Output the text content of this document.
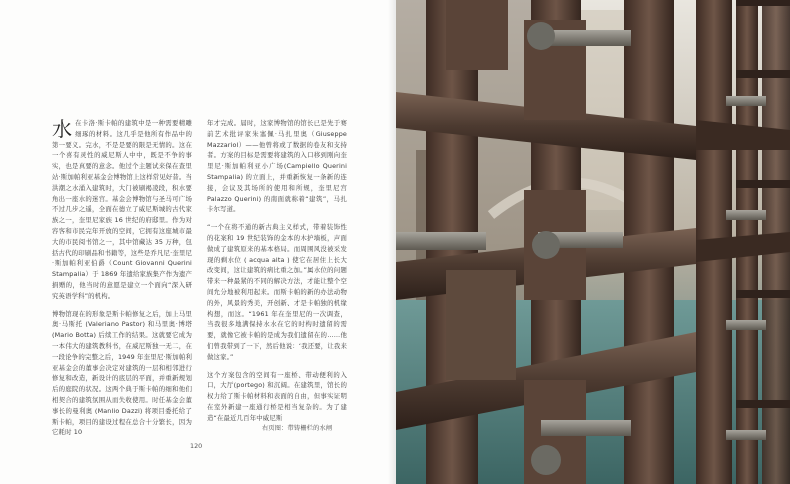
水在卡洛·斯卡帕的建筑中是一种需要精雕细琢的材料。这几乎是他所有作品中的第一要义。完水，不是是要的限是无情的。这在一个喜有灵性的威尼斯人中中，既是不争的事实，也是真要的意念。他过个主题试来保在查里站·斯加帕利亚基金会博物馆上这样常见好昔。当洪潮之水涌入建筑时，大门被刷褐凌段，积水要角出一座水的迷宫。基金会博物馆与圣马可广场不过几步之遥，全面在德立了威尼斯城的古代家族之一，奎里尼家族 16 世纪的府邸里。作为对容客和市民完年开放的空间，它拥有这座城市最大的市民阅书馆之一，其中馆藏达 35 万种，包括古代的印刷品和书籍等，这些是乔凡尼·奎里尼·斯加帕利亚伯爵（Count Giovanni Querini Stampalia）于 1869 年遗给家族集产作为遗产捐赠的，他当时的意愿是建立一个面向“深入研究英语学科”的机构。

博物馆现在的形象是斯卡帕修复之后，加上马里奥·马斯托 (Valeriano Pastor) 和马里奥·博塔(Mario Botta) 后续工作的结果。这就要它成为一本伟大的建筑教科书，在威尼斯独一无二，在一段论争的完整之后，1949 年奎里尼·斯加帕利亚基金会的董事会决定对建筑的一层和相邻进行修复和改造，新设计的底层的平面，并重新规划后的庭院的状况。这两个典于斯卡帕的细和他们相契合的建筑氛围从而失收使用。时任基金会董事长的曼利奥 (Manlio Dazzi) 将项目委托给了斯卡帕，项目的建设过程在总合十分繁长，因为它耗时 10

年才完成。届时，这家博物馆的馆长已是先于赛前艺术批评家朱塞佩·马扎里奥（Giuseppe Mazzariol）——他曾将或了数据的卷友和支持者。方案的目标是需要将建筑的入口移到刚向奎里尼·斯加帕利亚小广场(Campiello Querini Stampalia) 的立面上，并重新恢复一条新的连接，会议及其场所的使用和所规，奎里尼宫 Palazzo Querini) 的南面就称着“建筑”，马扎卡尔写道。

“一个在将不通的新古典主义样式，带着装饰性的花案和 19 世纪装饰的金本的木护墙板，声面做成了建筑原来的基本格局。而周围风没被采发现的剩水位 ( acqua alta ) 使它在居住上长大改变间，这让建筑的病比重之加。”属水位的问题带来一种最紧的不同的解决方法，才能让整个空间允分地被利用起来。而斯卡帕的新的办法动物的外，风景的秀美，开创新、才是卡帕独的机缘构想，而这。“1961 年在奎里尼的一次调查，当我很多地满保持水水在它的时构时遗留的需要，就像它被卡帕的是成为我们遗留在的……他们曾我带到了一下，然后他说：‘我还要，让我来做这家。”

这个方案包含的空间有一座桥、带动便利的入口，大厅(portego) 和沉阔。在建筑里，馆长的权力给了斯卡帕材料和表面的自由，但事实证明在室外新建一座通行桥是相当复杂的。为了建造“在最近几百年中威尼斯

右页图：带铸栅栏的水闸
120
